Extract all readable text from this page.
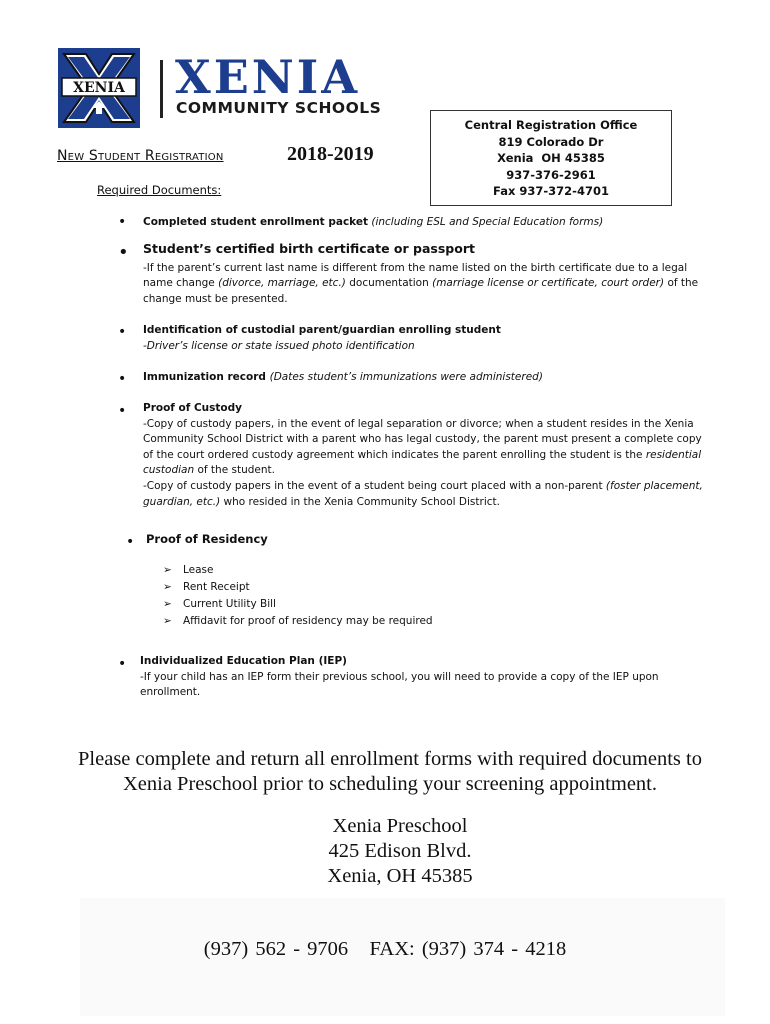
XENIA XENIA
COMMUNITY SCHOOLS
New Student Registration	2018-2019
Required Documents:
Central Registration Office
819 Colorado Dr
Xenia  OH 45385
937-376-2961
Fax 937-372-4701
• Completed student enrollment packet (including ESL and Special Education forms)
• Student’s certified birth certificate or passport
-If the parent’s current last name is different from the name listed on the birth certificate due to a legal
name change (divorce, marriage, etc.) documentation (marriage license or certificate, court order) of the
change must be presented.
• Identification of custodial parent/guardian enrolling student
-Driver’s license or state issued photo identification
• Immunization record (Dates student’s immunizations were administered)
• Proof of Custody
-Copy of custody papers, in the event of legal separation or divorce; when a student resides in the Xenia
Community School District with a parent who has legal custody, the parent must present a complete copy
of the court ordered custody agreement which indicates the parent enrolling the student is the residential
custodian of the student.
-Copy of custody papers in the event of a student being court placed with a non-parent (foster placement,
guardian, etc.) who resided in the Xenia Community School District.
• Proof of Residency
➢ Lease
➢ Rent Receipt
➢ Current Utility Bill
➢ Affidavit for proof of residency may be required
• Individualized Education Plan (IEP)
-If your child has an IEP form their previous school, you will need to provide a copy of the IEP upon
enrollment.
Please complete and return all enrollment forms with required documents to
Xenia Preschool prior to scheduling your screening appointment.
Xenia Preschool
425 Edison Blvd.
Xenia, OH 45385
(937) 562 - 9706   FAX: (937) 374 - 4218
